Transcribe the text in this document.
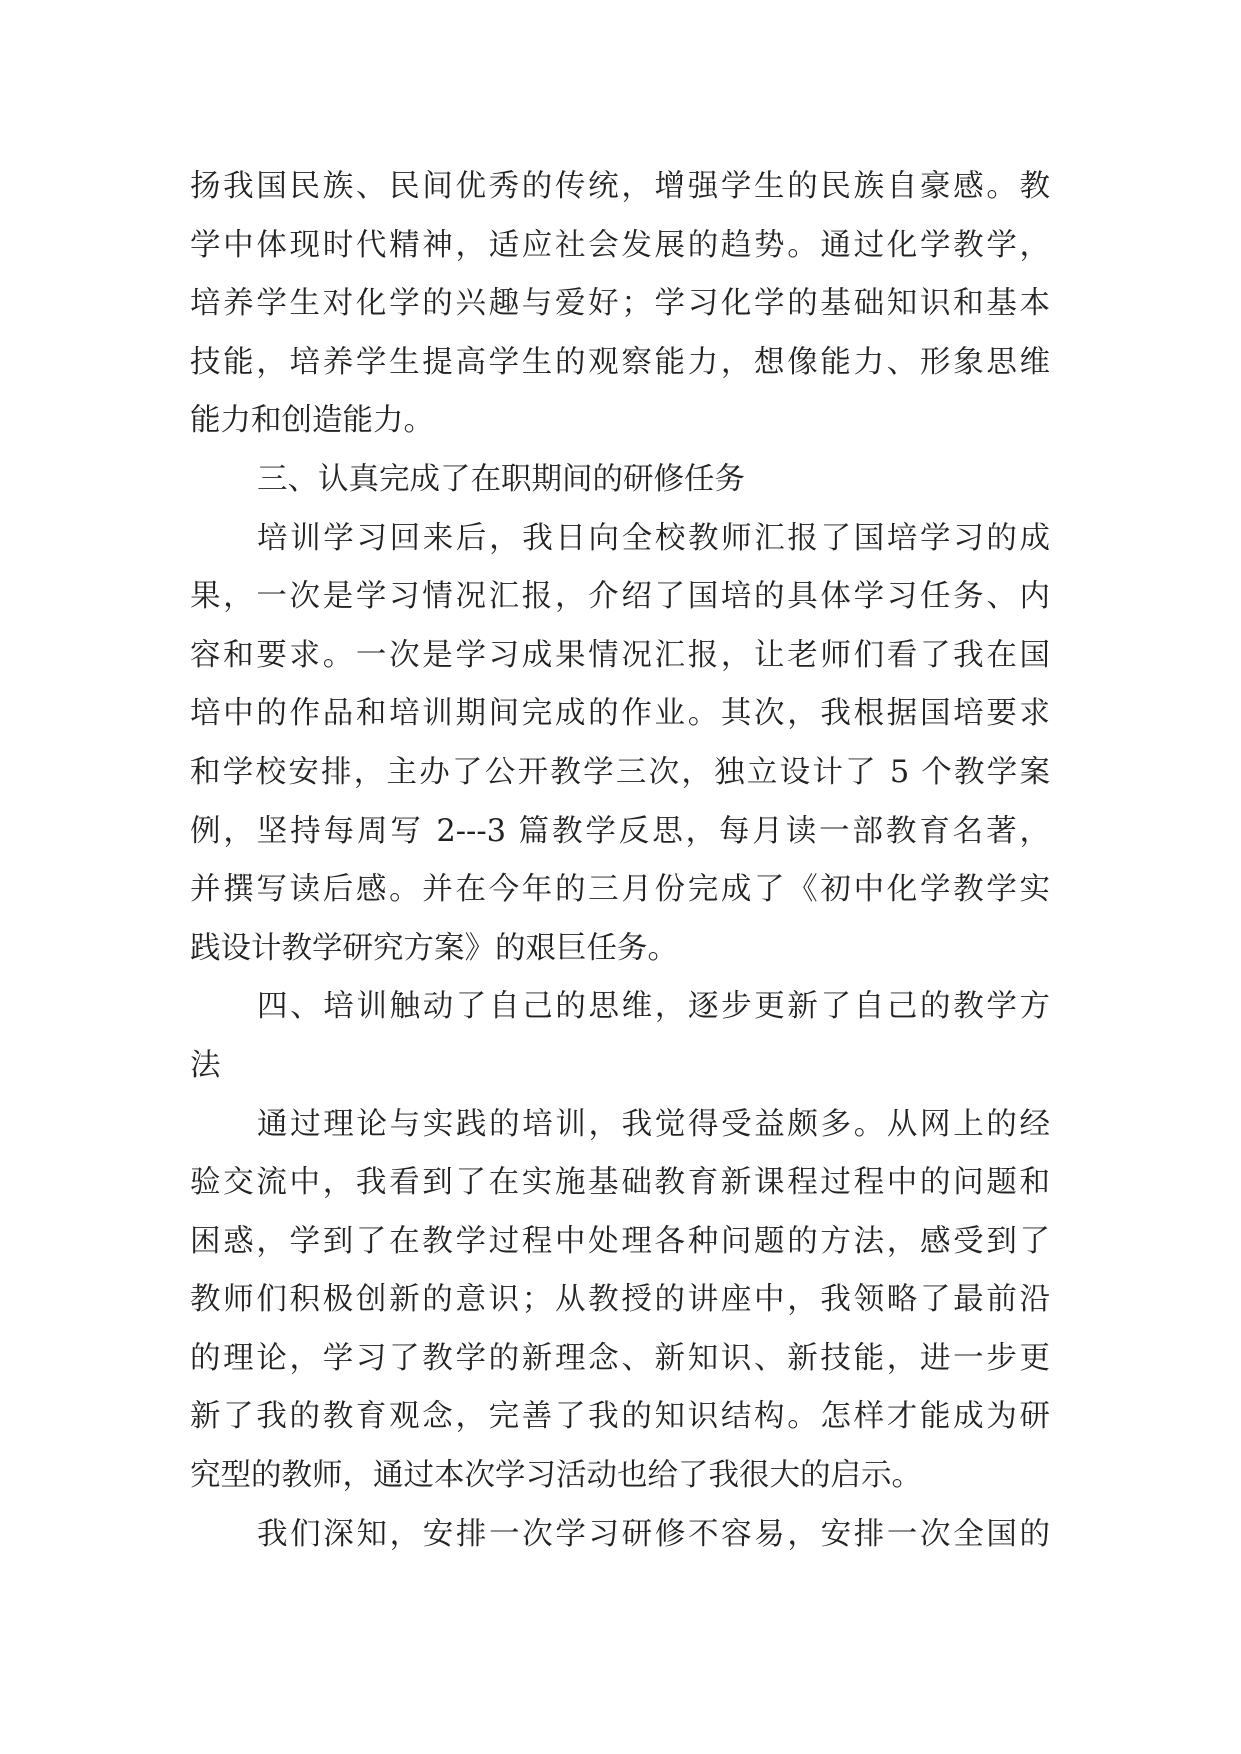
扬我国民族、民间优秀的传统，增强学生的民族自豪感。教
学中体现时代精神，适应社会发展的趋势。通过化学教学，
培养学生对化学的兴趣与爱好；学习化学的基础知识和基本
技能，培养学生提高学生的观察能力，想像能力、形象思维
能力和创造能力。
三、认真完成了在职期间的研修任务
培训学习回来后，我日向全校教师汇报了国培学习的成
果，一次是学习情况汇报，介绍了国培的具体学习任务、内
容和要求。一次是学习成果情况汇报，让老师们看了我在国
培中的作品和培训期间完成的作业。其次，我根据国培要求
和学校安排，主办了公开教学三次，独立设计了 5 个教学案
例，坚持每周写 2---3 篇教学反思，每月读一部教育名著，
并撰写读后感。并在今年的三月份完成了《初中化学教学实
践设计教学研究方案》的艰巨任务。
四、培训触动了自己的思维，逐步更新了自己的教学方
法
通过理论与实践的培训，我觉得受益颇多。从网上的经
验交流中，我看到了在实施基础教育新课程过程中的问题和
困惑，学到了在教学过程中处理各种问题的方法，感受到了
教师们积极创新的意识；从教授的讲座中，我领略了最前沿
的理论，学习了教学的新理念、新知识、新技能，进一步更
新了我的教育观念，完善了我的知识结构。怎样才能成为研
究型的教师，通过本次学习活动也给了我很大的启示。
我们深知，安排一次学习研修不容易，安排一次全国的
